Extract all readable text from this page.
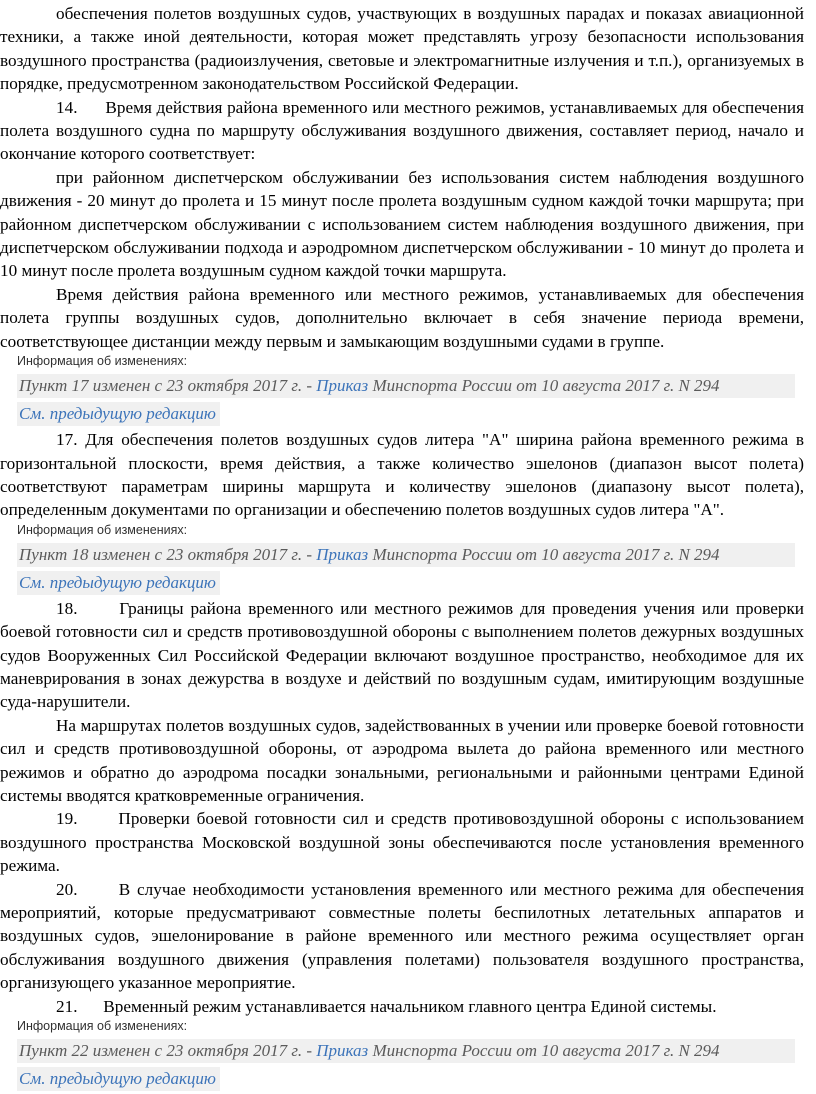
обеспечения полетов воздушных судов, участвующих в воздушных парадах и показах авиационной техники, а также иной деятельности, которая может представлять угрозу безопасности использования воздушного пространства (радиоизлучения, световые и электромагнитные излучения и т.п.), организуемых в порядке, предусмотренном законодательством Российской Федерации.

14.      Время действия района временного или местного режимов, устанавливаемых для обеспечения полета воздушного судна по маршруту обслуживания воздушного движения, составляет период, начало и окончание которого соответствует:

при районном диспетчерском обслуживании без использования систем наблюдения воздушного движения - 20 минут до пролета и 15 минут после пролета воздушным судном каждой точки маршрута; при районном диспетчерском обслуживании с использованием систем наблюдения воздушного движения, при диспетчерском обслуживании подхода и аэродромном диспетчерском обслуживании - 10 минут до пролета и 10 минут после пролета воздушным судном каждой точки маршрута.

Время действия района временного или местного режимов, устанавливаемых для обеспечения полета группы воздушных судов, дополнительно включает в себя значение периода времени, соответствующее дистанции между первым и замыкающим воздушными судами в группе.

Информация об изменениях:
Пункт 17 изменен с 23 октября 2017 г. - Приказ Минспорта России от 10 августа 2017 г. N 294
См. предыдущую редакцию

17. Для обеспечения полетов воздушных судов литера "А" ширина района временного режима в горизонтальной плоскости, время действия, а также количество эшелонов (диапазон высот полета) соответствуют параметрам ширины маршрута и количеству эшелонов (диапазону высот полета), определенным документами по организации и обеспечению полетов воздушных судов литера "А".

Информация об изменениях:
Пункт 18 изменен с 23 октября 2017 г. - Приказ Минспорта России от 10 августа 2017 г. N 294
См. предыдущую редакцию

18.      Границы района временного или местного режимов для проведения учения или проверки боевой готовности сил и средств противовоздушной обороны с выполнением полетов дежурных воздушных судов Вооруженных Сил Российской Федерации включают воздушное пространство, необходимое для их маневрирования в зонах дежурства в воздухе и действий по воздушным судам, имитирующим воздушные суда-нарушители.

На маршрутах полетов воздушных судов, задействованных в учении или проверке боевой готовности сил и средств противовоздушной обороны, от аэродрома вылета до района временного или местного режимов и обратно до аэродрома посадки зональными, региональными и районными центрами Единой системы вводятся кратковременные ограничения.

19.      Проверки боевой готовности сил и средств противовоздушной обороны с использованием воздушного пространства Московской воздушной зоны обеспечиваются после установления временного режима.

20.      В случае необходимости установления временного или местного режима для обеспечения мероприятий, которые предусматривают совместные полеты беспилотных летательных аппаратов и воздушных судов, эшелонирование в районе временного или местного режима осуществляет орган обслуживания воздушного движения (управления полетами) пользователя воздушного пространства, организующего указанное мероприятие.

21.      Временный режим устанавливается начальником главного центра Единой системы.

Информация об изменениях:
Пункт 22 изменен с 23 октября 2017 г. - Приказ Минспорта России от 10 августа 2017 г. N 294
См. предыдущую редакцию
